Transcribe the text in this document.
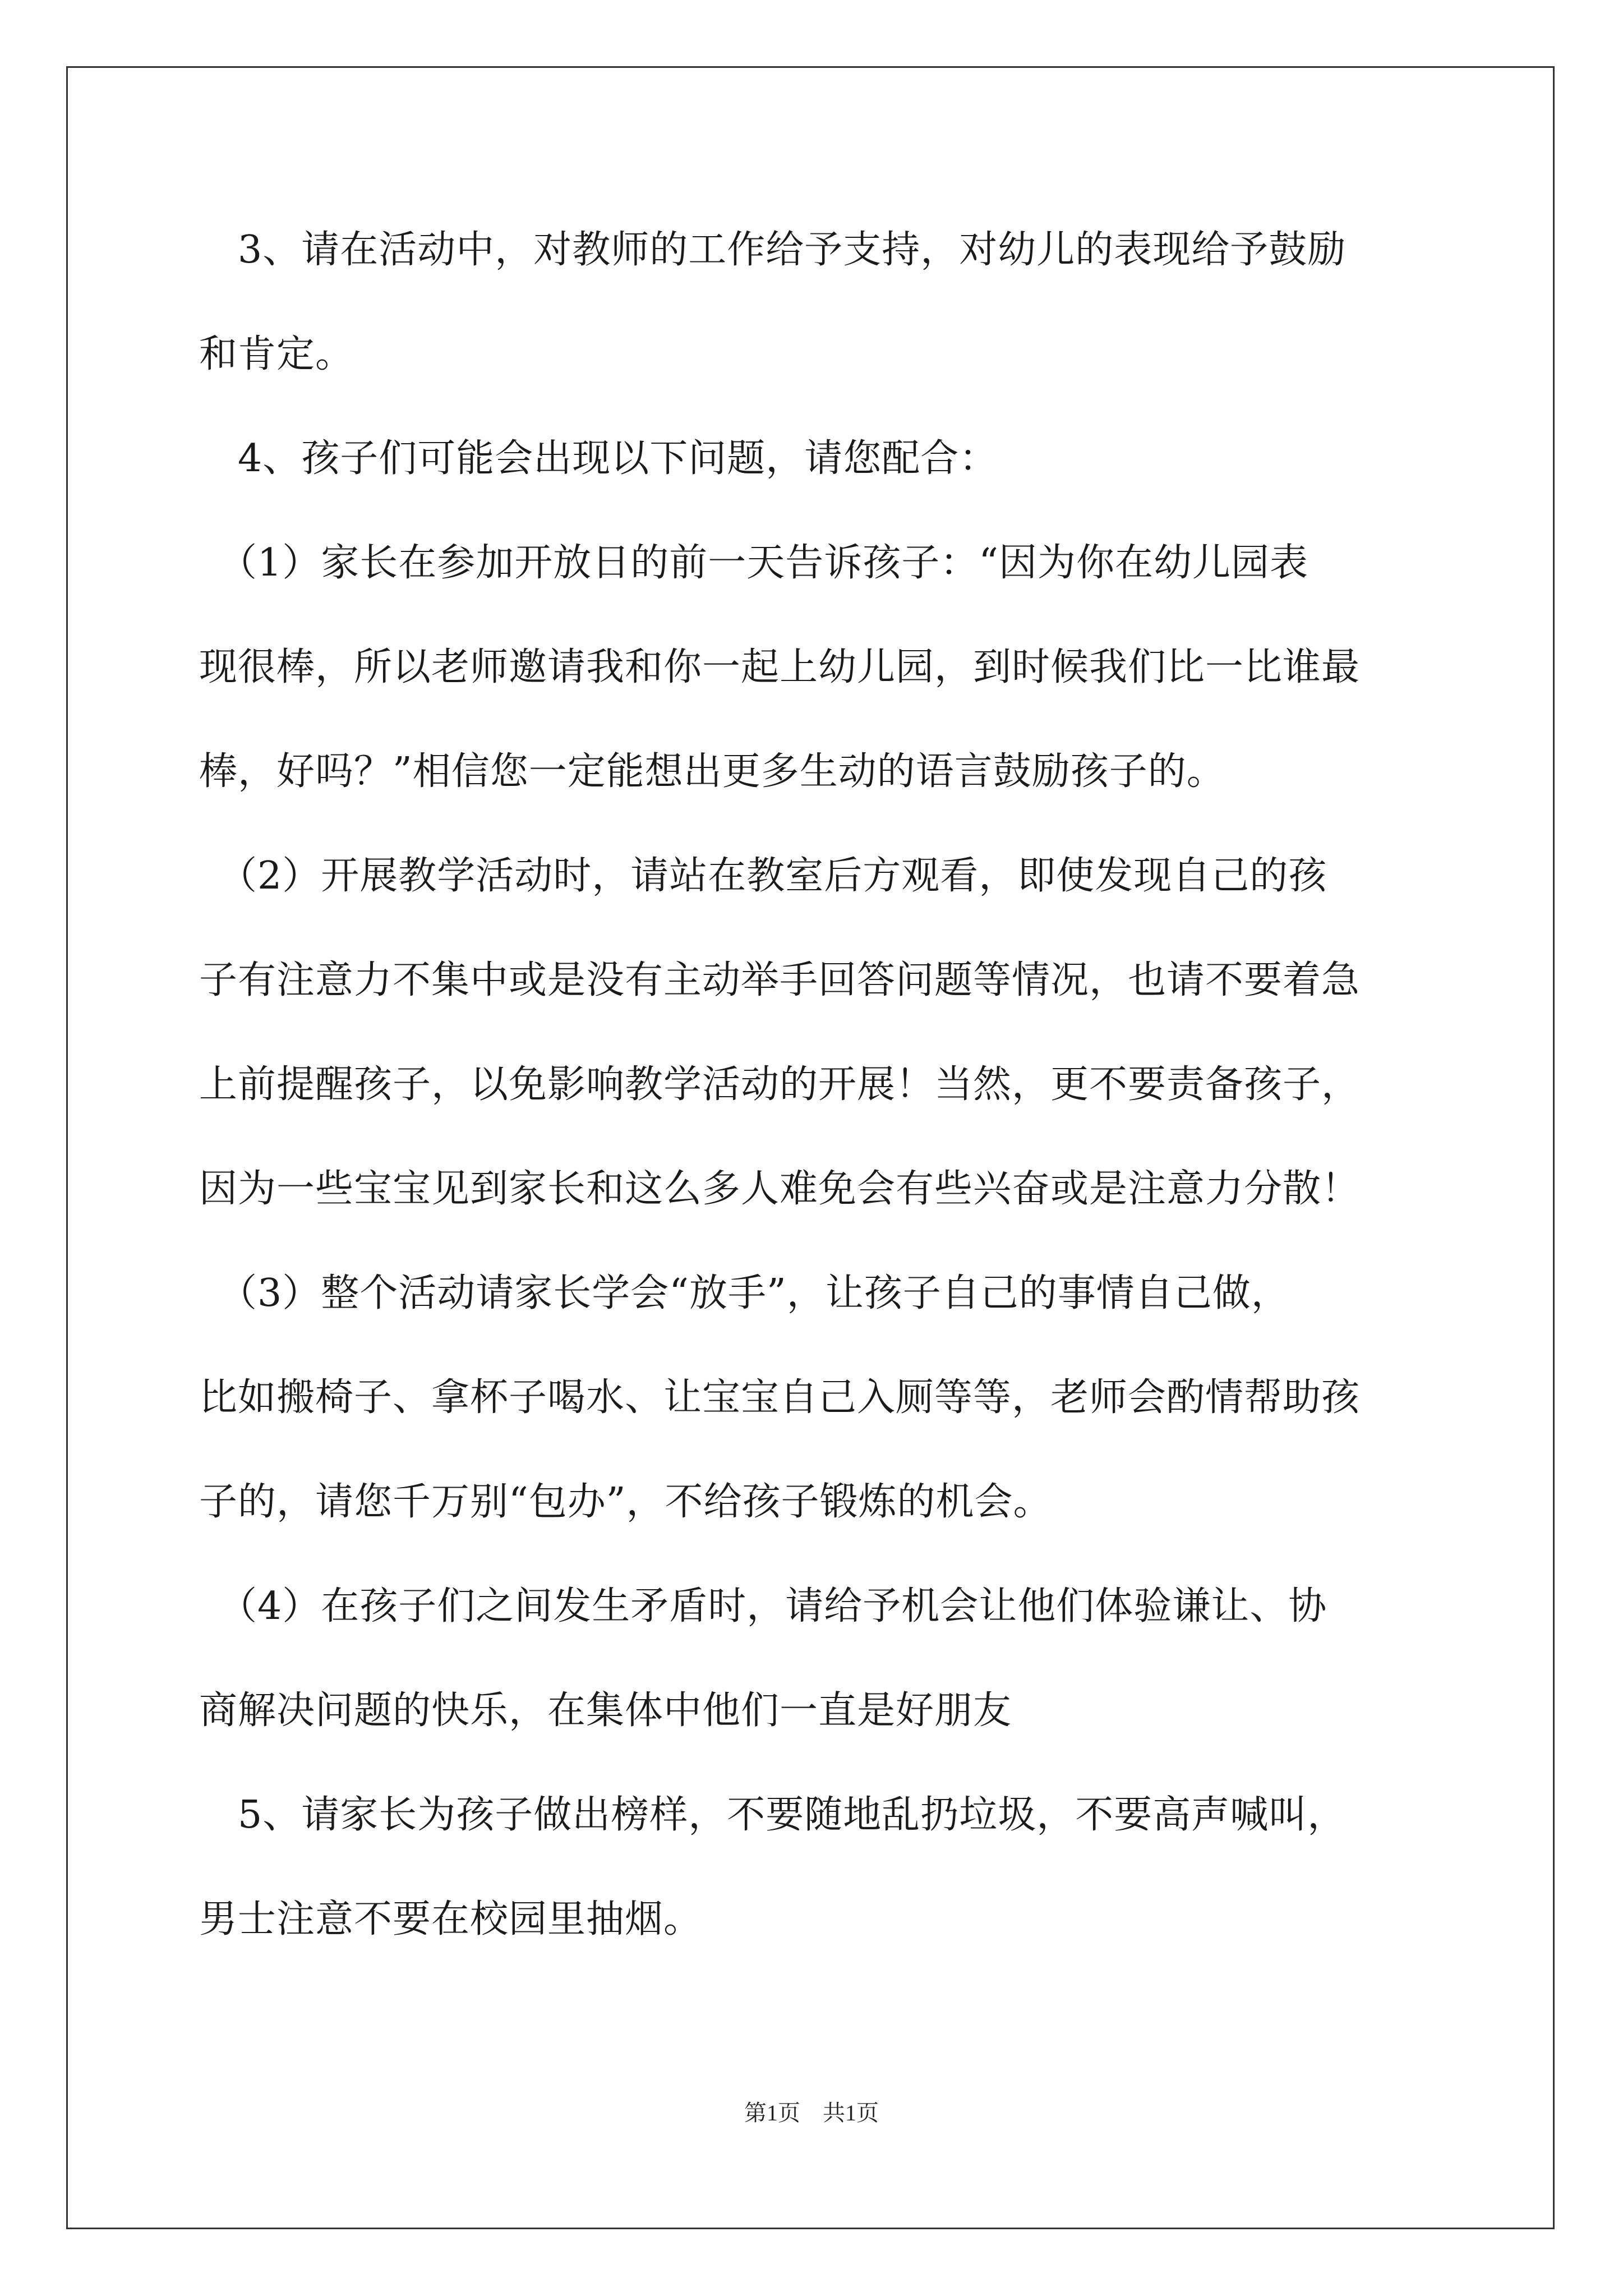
　3、请在活动中，对教师的工作给予支持，对幼儿的表现给予鼓励
和肯定。
　4、孩子们可能会出现以下问题，请您配合：
　（1）家长在参加开放日的前一天告诉孩子：“因为你在幼儿园表
现很棒，所以老师邀请我和你一起上幼儿园，到时候我们比一比谁最
棒，好吗？”相信您一定能想出更多生动的语言鼓励孩子的。
　（2）开展教学活动时，请站在教室后方观看，即使发现自己的孩
子有注意力不集中或是没有主动举手回答问题等情况，也请不要着急
上前提醒孩子，以免影响教学活动的开展！当然，更不要责备孩子，
因为一些宝宝见到家长和这么多人难免会有些兴奋或是注意力分散！
　（3）整个活动请家长学会“放手”，让孩子自己的事情自己做，
比如搬椅子、拿杯子喝水、让宝宝自己入厕等等，老师会酌情帮助孩
子的，请您千万别“包办”，不给孩子锻炼的机会。
　（4）在孩子们之间发生矛盾时，请给予机会让他们体验谦让、协
商解决问题的快乐，在集体中他们一直是好朋友
　5、请家长为孩子做出榜样，不要随地乱扔垃圾，不要高声喊叫，
男士注意不要在校园里抽烟。
第1页　共1页
